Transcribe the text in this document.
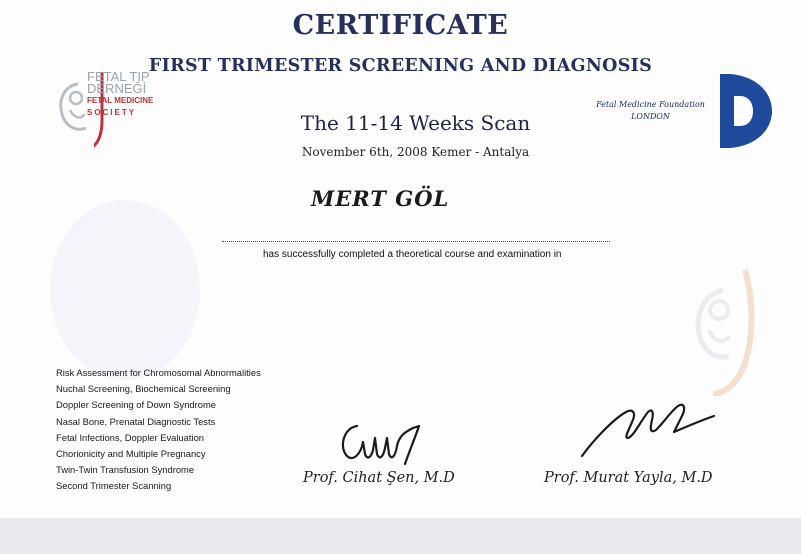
FETAL TIP
DERNEĞİ
FETAL MEDICINE
SOCIETY
CERTIFICATE
FIRST TRIMESTER SCREENING AND DIAGNOSIS
Fetal Medicine Foundation
LONDON
The 11-14 Weeks Scan
November 6th, 2008 Kemer - Antalya
MERT GÖL
has successfully completed a theoretical course and examination in
Risk Assessment for Chromosomal Abnormalities
Nuchal Screening, Biochemical Screening
Doppler Screening of Down Syndrome
Nasal Bone, Prenatal Diagnostic Tests
Fetal Infections, Doppler Evaluation
Chorionicity and Multiple Pregnancy
Twin-Twin Transfusion Syndrome
Second Trimester Scanning	Prof. Cihat Şen, M.D	Prof. Murat Yayla, M.D
